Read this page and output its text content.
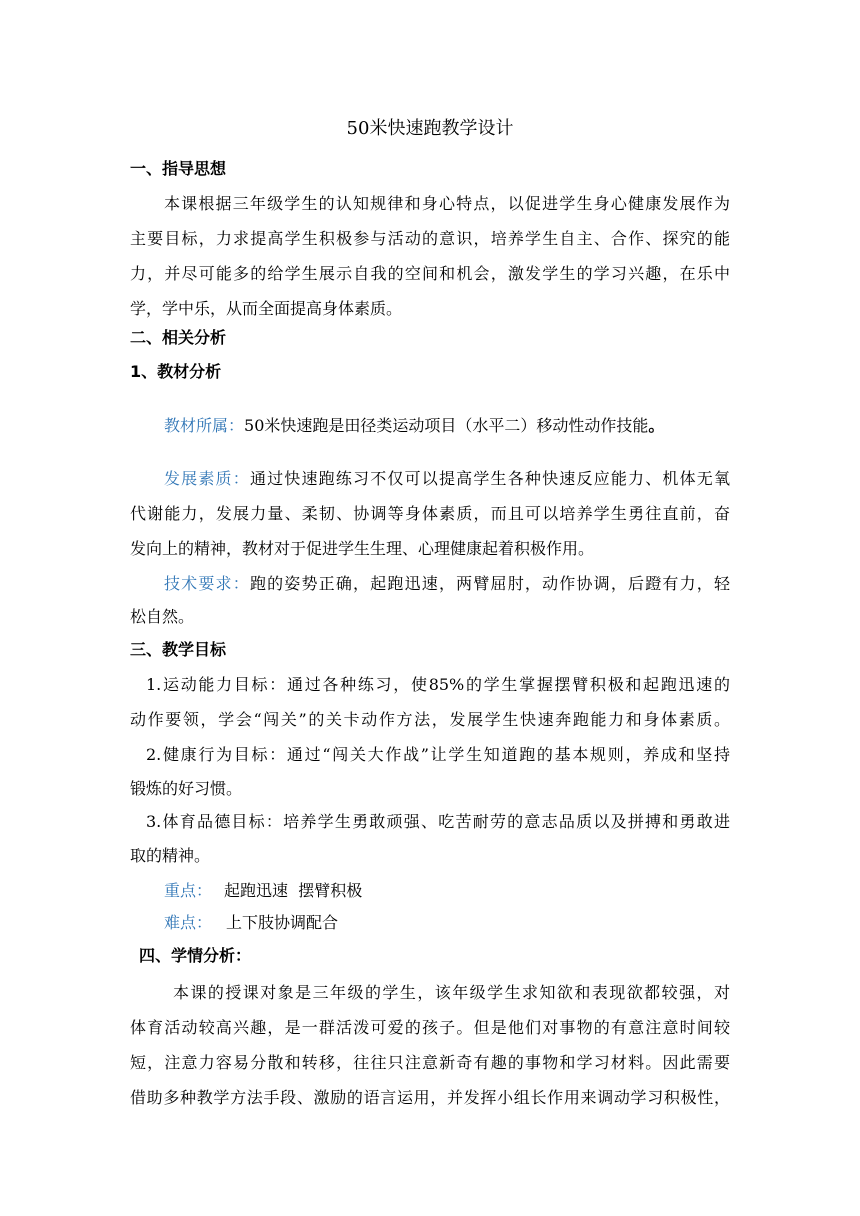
50米快速跑教学设计
一、指导思想
本课根据三年级学生的认知规律和身心特点，以促进学生身心健康发展作为
主要目标，力求提高学生积极参与活动的意识，培养学生自主、合作、探究的能
力，并尽可能多的给学生展示自我的空间和机会，激发学生的学习兴趣，在乐中
学，学中乐，从而全面提高身体素质。
二、相关分析
1、教材分析
教材所属：50米快速跑是田径类运动项目（水平二）移动性动作技能。
发展素质：通过快速跑练习不仅可以提高学生各种快速反应能力、机体无氧
代谢能力，发展力量、柔韧、协调等身体素质，而且可以培养学生勇往直前，奋
发向上的精神，教材对于促进学生生理、心理健康起着积极作用。
技术要求：跑的姿势正确，起跑迅速，两臂屈肘，动作协调，后蹬有力，轻
松自然。
三、教学目标
1.运动能力目标：通过各种练习，使85%的学生掌握摆臂积极和起跑迅速的
动作要领，学会“闯关”的关卡动作方法，发展学生快速奔跑能力和身体素质。
2.健康行为目标：通过“闯关大作战”让学生知道跑的基本规则，养成和坚持
锻炼的好习惯。
3.体育品德目标：培养学生勇敢顽强、吃苦耐劳的意志品质以及拼搏和勇敢进
取的精神。
重点： 起跑迅速  摆臂积极
难点： 上下肢协调配合
四、学情分析：
本课的授课对象是三年级的学生，该年级学生求知欲和表现欲都较强，对
体育活动较高兴趣，是一群活泼可爱的孩子。但是他们对事物的有意注意时间较
短，注意力容易分散和转移，往往只注意新奇有趣的事物和学习材料。因此需要
借助多种教学方法手段、激励的语言运用，并发挥小组长作用来调动学习积极性，
